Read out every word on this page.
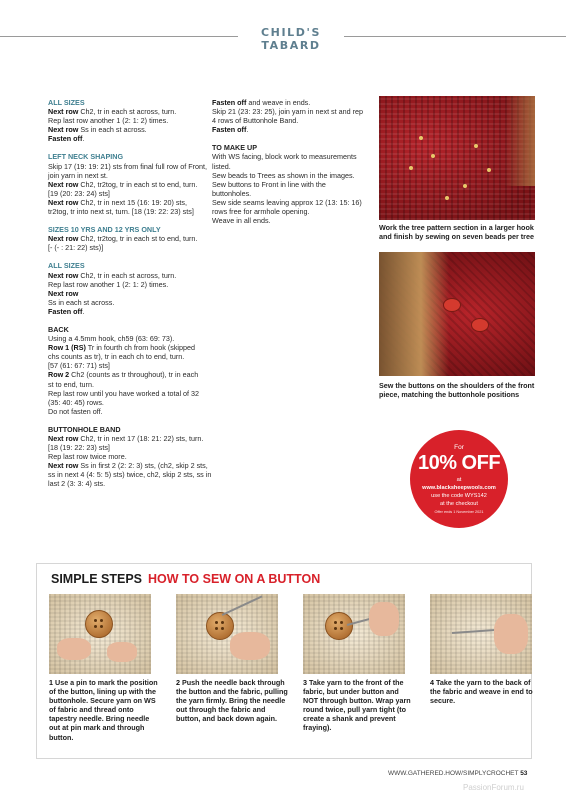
CHILD'S TABARD
ALL SIZES
Next row Ch2, tr in each st across, turn.
Rep last row another 1 (2: 1: 2) times.
Next row Ss in each st across.
Fasten off.
LEFT NECK SHAPING
Skip 17 (19: 19: 21) sts from final full row of Front,
join yarn in next st.
Next row Ch2, tr2tog, tr in each st to end, turn.
[19 (20: 23: 24) sts]
Next row Ch2, tr in next 15 (16: 19: 20) sts,
tr2tog, tr into next st, turn. [18 (19: 22: 23) sts]
SIZES 10 YRS AND 12 YRS ONLY
Next row Ch2, tr2tog, tr in each st to end, turn.
[- (- : 21: 22) sts)]
ALL SIZES
Next row Ch2, tr in each st across, turn.
Rep last row another 1 (2: 1: 2) times.
Next row
Ss in each st across.
Fasten off.
BACK
Using a 4.5mm hook, ch59 (63: 69: 73).
Row 1 (RS) Tr in fourth ch from hook (skipped
chs counts as tr), tr in each ch to end, turn.
[57 (61: 67: 71) sts]
Row 2 Ch2 (counts as tr throughout), tr in each
st to end, turn.
Rep last row until you have worked a total of 32
(35: 40: 45) rows.
Do not fasten off.
BUTTONHOLE BAND
Next row Ch2, tr in next 17 (18: 21: 22) sts, turn.
[18 (19: 22: 23) sts]
Rep last row twice more.
Next row Ss in first 2 (2: 2: 3) sts, (ch2, skip 2 sts,
ss in next 4 (4: 5: 5) sts) twice, ch2, skip 2 sts, ss in
last 2 (3: 3: 4) sts.
Fasten off and weave in ends.
Skip 21 (23: 23: 25), join yarn in next st and rep
4 rows of Buttonhole Band.
Fasten off.
TO MAKE UP
With WS facing, block work to measurements
listed.
Sew beads to Trees as shown in the images.
Sew buttons to Front in line with the
buttonholes.
Sew side seams leaving approx 12 (13: 15: 16)
rows free for armhole opening.
Weave in all ends.
Work the tree pattern section in a larger hook and finish by sewing on seven beads per tree
Sew the buttons on the shoulders of the front piece, matching the buttonhole positions
For
10% OFF
at
www.blacksheepwools.com
use the code WYS142
at the checkout
Offer ends 1 November 2021
SIMPLE STEPS HOW TO SEW ON A BUTTON
1 Use a pin to mark the position of the button, lining up with the buttonhole. Secure yarn on WS of fabric and thread onto tapestry needle. Bring needle out at pin mark and through button.
2 Push the needle back through the button and the fabric, pulling the yarn firmly. Bring the needle out through the fabric and button, and back down again.
3 Take yarn to the front of the fabric, but under button and NOT through button. Wrap yarn round twice, pull yarn tight (to create a shank and prevent fraying).
4 Take the yarn to the back of the fabric and weave in end to secure.
WWW.GATHERED.HOW/SIMPLYCROCHET 53
PassionForum.ru
